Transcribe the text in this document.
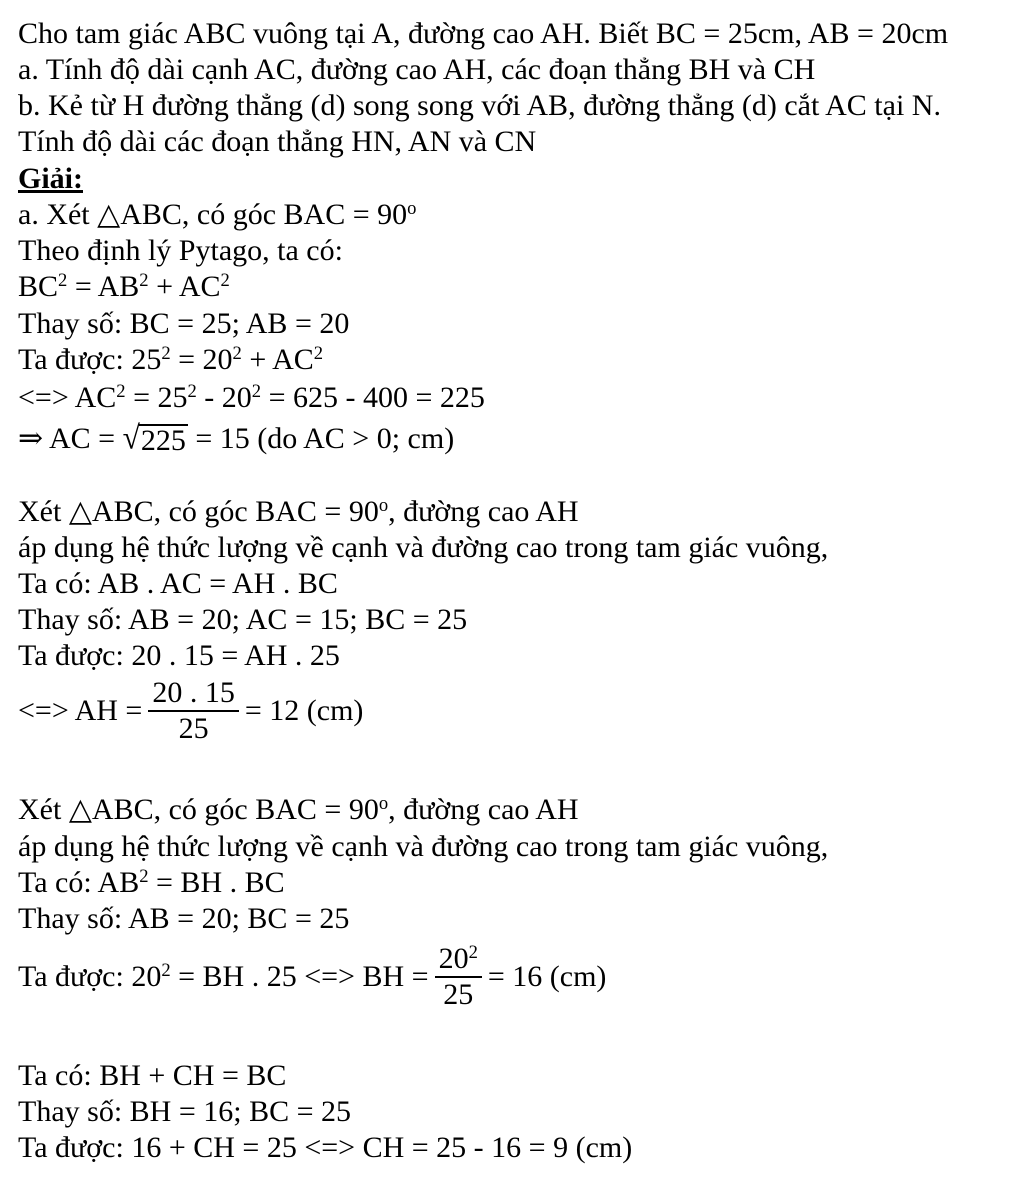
Cho tam giác ABC vuông tại A, đường cao AH. Biết BC = 25cm, AB = 20cm
a. Tính độ dài cạnh AC, đường cao AH, các đoạn thẳng BH và CH
b. Kẻ từ H đường thẳng (d) song song với AB, đường thẳng (d) cắt AC tại N.
Tính độ dài các đoạn thẳng HN, AN và CN
Giải:
a. Xét △ABC, có góc BAC = $90^o$
Theo định lý Pytago, ta có:
$BC^2 = AB^2 + AC^2$
Thay số: BC = 25; AB = 20
Ta được: $25^2 = 20^2 + AC^2$
<=> $AC^2 = 25^2 - 20^2 = 625 - 400 = 225$
⇒ AC = √ 225 = 15 (do AC > 0; cm)
Xét △ABC, có góc BAC = $90^o$, đường cao AH
áp dụng hệ thức lượng về cạnh và đường cao trong tam giác vuông,
Ta có: AB . AC = AH . BC
Thay số: AB = 20; AC = 15; BC = 25
Ta được: 20 . 15 = AH . 25
<=> AH = $\frac{20 . 15}{25} = 12$ (cm)
Xét △ABC, có góc BAC = $90^o$, đường cao AH
áp dụng hệ thức lượng về cạnh và đường cao trong tam giác vuông,
Ta có: $AB^2$ = BH . BC
Thay số: AB = 20; BC = 25
Ta được: $20^2$ = BH . 25 <=> BH = $\frac{20^2}{25} = 16$ (cm)
Ta có: BH + CH = BC
Thay số: BH = 16; BC = 25
Ta được: 16 + CH = 25 <=> CH = 25 - 16 = 9 (cm)
